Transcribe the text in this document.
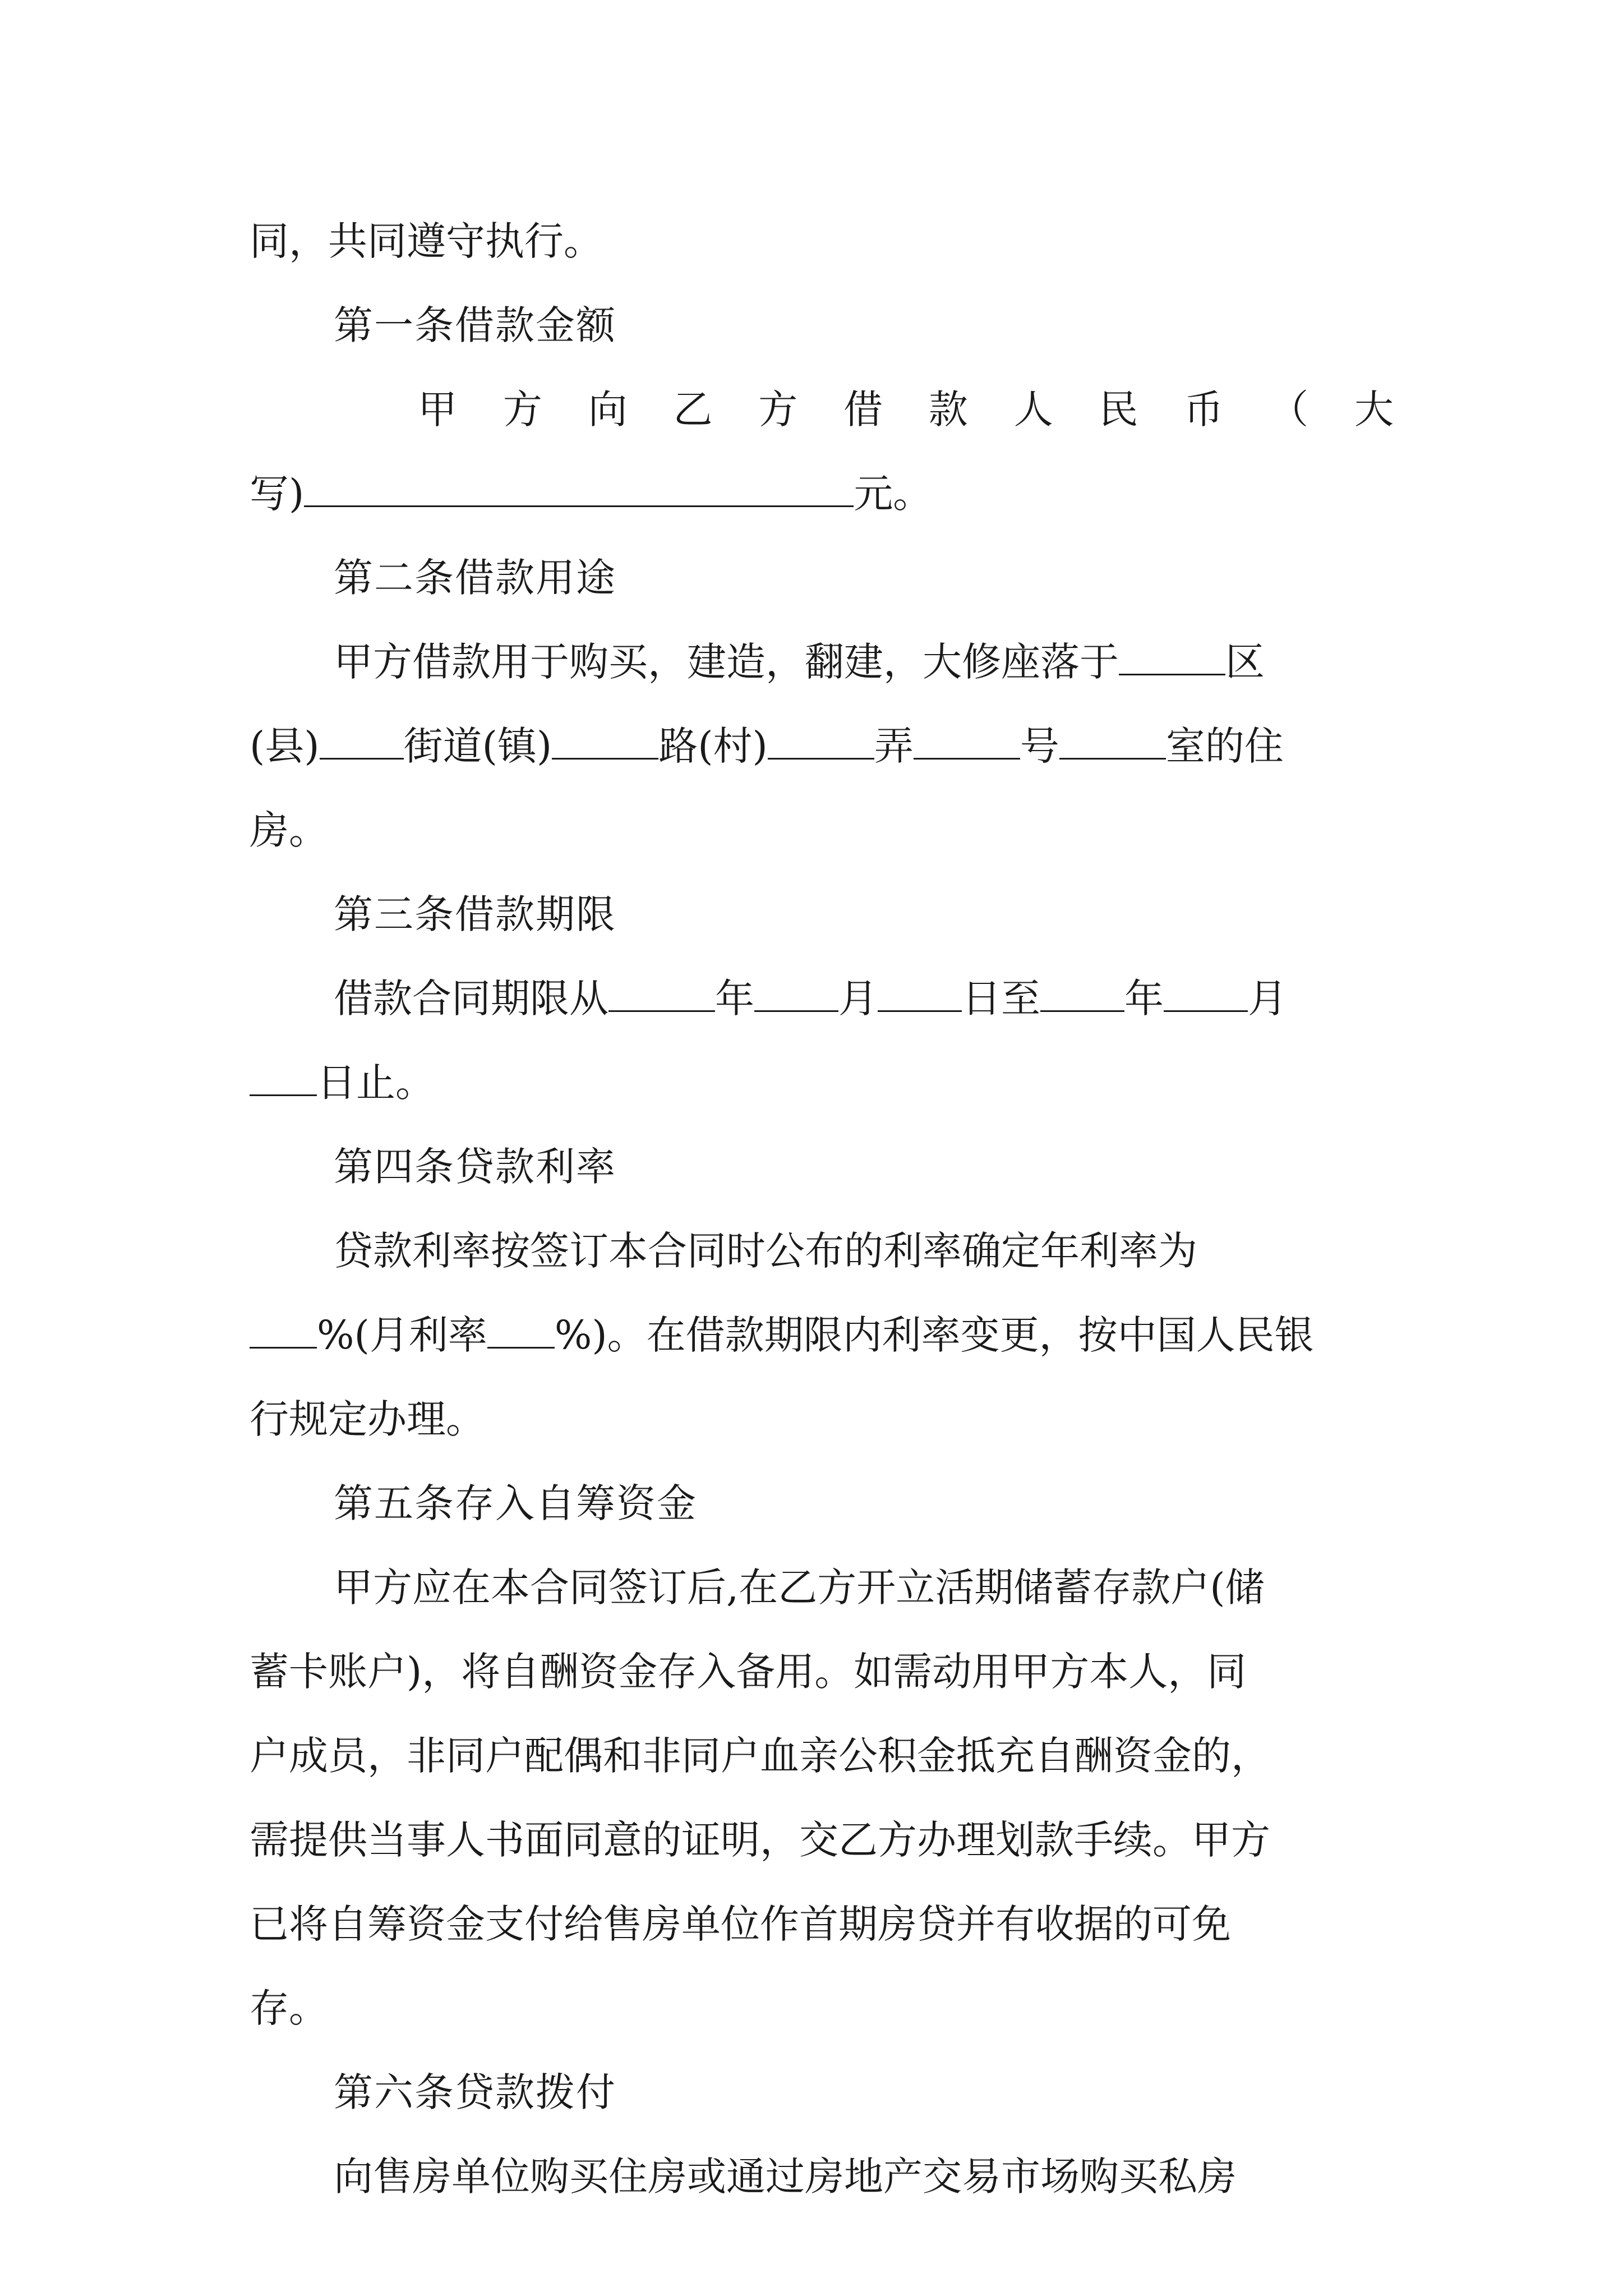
同，共同遵守执行。
第一条借款金额
甲 方 向 乙 方 借 款 人 民 币 （ 大
写)	元。
第二条借款用途
甲方借款用于购买，建造，翻建，大修座落于	区
(县) 街道(镇)	路(村)	弄	号	室的住
房。
第三条借款期限
借款合同期限从	年 月 日至 年 月
日止。
第四条贷款利率
贷款利率按签订本合同时公布的利率确定年利率为
%(月利率 %)。在借款期限内利率变更，按中国人民银
行规定办理。
第五条存入自筹资金
甲方应在本合同签订后,在乙方开立活期储蓄存款户(储
蓄卡账户)，将自酬资金存入备用。如需动用甲方本人，同
户成员，非同户配偶和非同户血亲公积金抵充自酬资金的，
需提供当事人书面同意的证明，交乙方办理划款手续。甲方
已将自筹资金支付给售房单位作首期房贷并有收据的可免
存。
第六条贷款拨付
向售房单位购买住房或通过房地产交易市场购买私房
